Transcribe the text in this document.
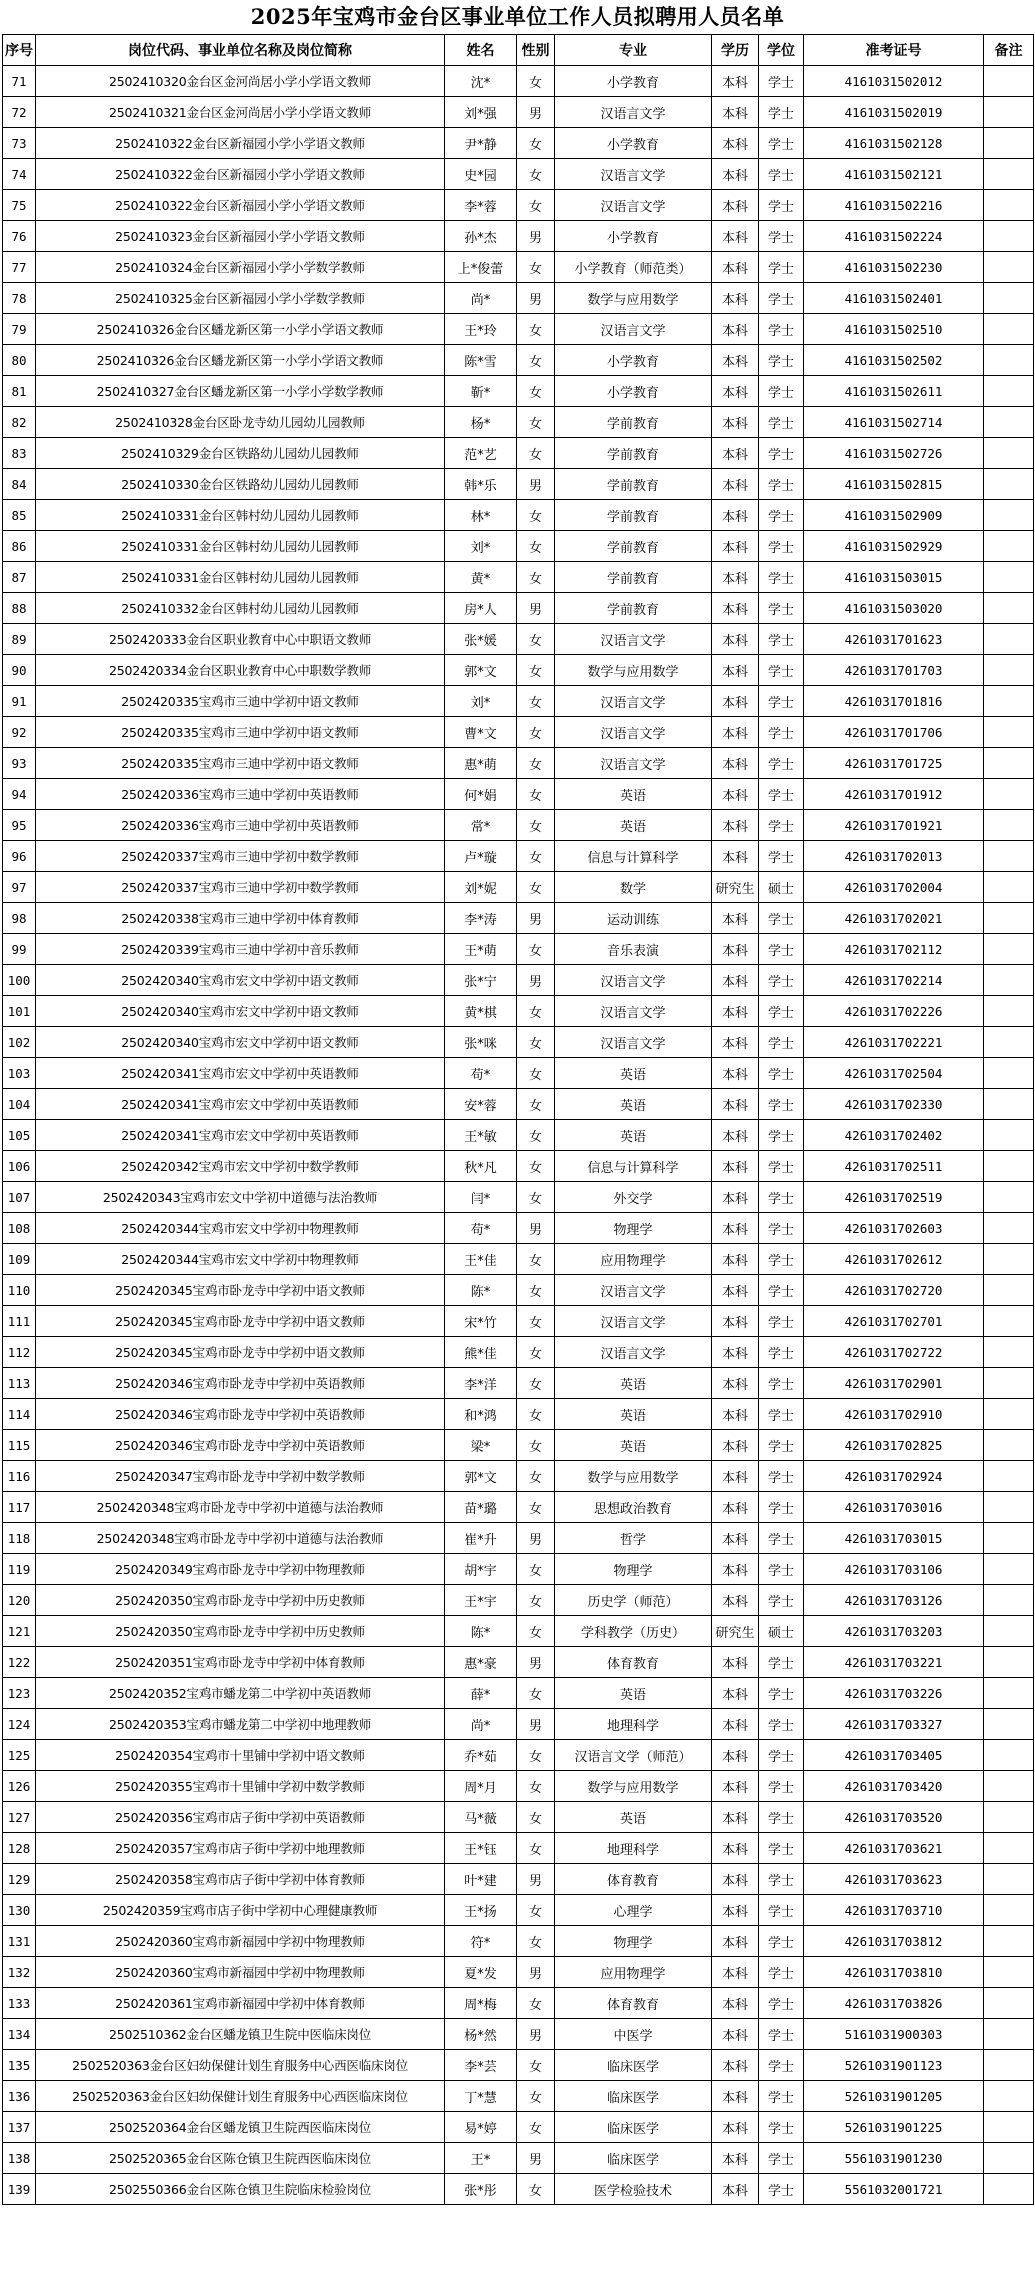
2025年宝鸡市金台区事业单位工作人员拟聘用人员名单
序号	岗位代码、事业单位名称及岗位简称	姓名	性别	专业	学历	学位	准考证号	备注
71	2502410320金台区金河尚居小学小学语文教师	沈*	女	小学教育	本科	学士	4161031502012	
72	2502410321金台区金河尚居小学小学语文教师	刘*强	男	汉语言文学	本科	学士	4161031502019	
73	2502410322金台区新福园小学小学语文教师	尹*静	女	小学教育	本科	学士	4161031502128	
74	2502410322金台区新福园小学小学语文教师	史*园	女	汉语言文学	本科	学士	4161031502121	
75	2502410322金台区新福园小学小学语文教师	李*蓉	女	汉语言文学	本科	学士	4161031502216	
76	2502410323金台区新福园小学小学语文教师	孙*杰	男	小学教育	本科	学士	4161031502224	
77	2502410324金台区新福园小学小学数学教师	上*俊蕾	女	小学教育（师范类）	本科	学士	4161031502230	
78	2502410325金台区新福园小学小学数学教师	尚*	男	数学与应用数学	本科	学士	4161031502401	
79	2502410326金台区蟠龙新区第一小学小学语文教师	王*玲	女	汉语言文学	本科	学士	4161031502510	
80	2502410326金台区蟠龙新区第一小学小学语文教师	陈*雪	女	小学教育	本科	学士	4161031502502	
81	2502410327金台区蟠龙新区第一小学小学数学教师	靳*	女	小学教育	本科	学士	4161031502611	
82	2502410328金台区卧龙寺幼儿园幼儿园教师	杨*	女	学前教育	本科	学士	4161031502714	
83	2502410329金台区铁路幼儿园幼儿园教师	范*艺	女	学前教育	本科	学士	4161031502726	
84	2502410330金台区铁路幼儿园幼儿园教师	韩*乐	男	学前教育	本科	学士	4161031502815	
85	2502410331金台区韩村幼儿园幼儿园教师	林*	女	学前教育	本科	学士	4161031502909	
86	2502410331金台区韩村幼儿园幼儿园教师	刘*	女	学前教育	本科	学士	4161031502929	
87	2502410331金台区韩村幼儿园幼儿园教师	黄*	女	学前教育	本科	学士	4161031503015	
88	2502410332金台区韩村幼儿园幼儿园教师	房*人	男	学前教育	本科	学士	4161031503020	
89	2502420333金台区职业教育中心中职语文教师	张*媛	女	汉语言文学	本科	学士	4261031701623	
90	2502420334金台区职业教育中心中职数学教师	郭*文	女	数学与应用数学	本科	学士	4261031701703	
91	2502420335宝鸡市三迪中学初中语文教师	刘*	女	汉语言文学	本科	学士	4261031701816	
92	2502420335宝鸡市三迪中学初中语文教师	曹*文	女	汉语言文学	本科	学士	4261031701706	
93	2502420335宝鸡市三迪中学初中语文教师	惠*萌	女	汉语言文学	本科	学士	4261031701725	
94	2502420336宝鸡市三迪中学初中英语教师	何*娟	女	英语	本科	学士	4261031701912	
95	2502420336宝鸡市三迪中学初中英语教师	常*	女	英语	本科	学士	4261031701921	
96	2502420337宝鸡市三迪中学初中数学教师	卢*璇	女	信息与计算科学	本科	学士	4261031702013	
97	2502420337宝鸡市三迪中学初中数学教师	刘*妮	女	数学	研究生	硕士	4261031702004	
98	2502420338宝鸡市三迪中学初中体育教师	李*涛	男	运动训练	本科	学士	4261031702021	
99	2502420339宝鸡市三迪中学初中音乐教师	王*萌	女	音乐表演	本科	学士	4261031702112	
100	2502420340宝鸡市宏文中学初中语文教师	张*宁	男	汉语言文学	本科	学士	4261031702214	
101	2502420340宝鸡市宏文中学初中语文教师	黄*棋	女	汉语言文学	本科	学士	4261031702226	
102	2502420340宝鸡市宏文中学初中语文教师	张*咪	女	汉语言文学	本科	学士	4261031702221	
103	2502420341宝鸡市宏文中学初中英语教师	苟*	女	英语	本科	学士	4261031702504	
104	2502420341宝鸡市宏文中学初中英语教师	安*蓉	女	英语	本科	学士	4261031702330	
105	2502420341宝鸡市宏文中学初中英语教师	王*敏	女	英语	本科	学士	4261031702402	
106	2502420342宝鸡市宏文中学初中数学教师	秋*凡	女	信息与计算科学	本科	学士	4261031702511	
107	2502420343宝鸡市宏文中学初中道德与法治教师	闫*	女	外交学	本科	学士	4261031702519	
108	2502420344宝鸡市宏文中学初中物理教师	苟*	男	物理学	本科	学士	4261031702603	
109	2502420344宝鸡市宏文中学初中物理教师	王*佳	女	应用物理学	本科	学士	4261031702612	
110	2502420345宝鸡市卧龙寺中学初中语文教师	陈*	女	汉语言文学	本科	学士	4261031702720	
111	2502420345宝鸡市卧龙寺中学初中语文教师	宋*竹	女	汉语言文学	本科	学士	4261031702701	
112	2502420345宝鸡市卧龙寺中学初中语文教师	熊*佳	女	汉语言文学	本科	学士	4261031702722	
113	2502420346宝鸡市卧龙寺中学初中英语教师	李*洋	女	英语	本科	学士	4261031702901	
114	2502420346宝鸡市卧龙寺中学初中英语教师	和*鸿	女	英语	本科	学士	4261031702910	
115	2502420346宝鸡市卧龙寺中学初中英语教师	梁*	女	英语	本科	学士	4261031702825	
116	2502420347宝鸡市卧龙寺中学初中数学教师	郭*文	女	数学与应用数学	本科	学士	4261031702924	
117	2502420348宝鸡市卧龙寺中学初中道德与法治教师	苗*璐	女	思想政治教育	本科	学士	4261031703016	
118	2502420348宝鸡市卧龙寺中学初中道德与法治教师	崔*升	男	哲学	本科	学士	4261031703015	
119	2502420349宝鸡市卧龙寺中学初中物理教师	胡*宇	女	物理学	本科	学士	4261031703106	
120	2502420350宝鸡市卧龙寺中学初中历史教师	王*宇	女	历史学（师范）	本科	学士	4261031703126	
121	2502420350宝鸡市卧龙寺中学初中历史教师	陈*	女	学科教学（历史）	研究生	硕士	4261031703203	
122	2502420351宝鸡市卧龙寺中学初中体育教师	惠*豪	男	体育教育	本科	学士	4261031703221	
123	2502420352宝鸡市蟠龙第二中学初中英语教师	薛*	女	英语	本科	学士	4261031703226	
124	2502420353宝鸡市蟠龙第二中学初中地理教师	尚*	男	地理科学	本科	学士	4261031703327	
125	2502420354宝鸡市十里铺中学初中语文教师	乔*茹	女	汉语言文学（师范）	本科	学士	4261031703405	
126	2502420355宝鸡市十里铺中学初中数学教师	周*月	女	数学与应用数学	本科	学士	4261031703420	
127	2502420356宝鸡市店子街中学初中英语教师	马*薇	女	英语	本科	学士	4261031703520	
128	2502420357宝鸡市店子街中学初中地理教师	王*钰	女	地理科学	本科	学士	4261031703621	
129	2502420358宝鸡市店子街中学初中体育教师	叶*建	男	体育教育	本科	学士	4261031703623	
130	2502420359宝鸡市店子街中学初中心理健康教师	王*扬	女	心理学	本科	学士	4261031703710	
131	2502420360宝鸡市新福园中学初中物理教师	符*	女	物理学	本科	学士	4261031703812	
132	2502420360宝鸡市新福园中学初中物理教师	夏*发	男	应用物理学	本科	学士	4261031703810	
133	2502420361宝鸡市新福园中学初中体育教师	周*梅	女	体育教育	本科	学士	4261031703826	
134	2502510362金台区蟠龙镇卫生院中医临床岗位	杨*然	男	中医学	本科	学士	5161031900303	
135	2502520363金台区妇幼保健计划生育服务中心西医临床岗位	李*芸	女	临床医学	本科	学士	5261031901123	
136	2502520363金台区妇幼保健计划生育服务中心西医临床岗位	丁*慧	女	临床医学	本科	学士	5261031901205	
137	2502520364金台区蟠龙镇卫生院西医临床岗位	易*婷	女	临床医学	本科	学士	5261031901225	
138	2502520365金台区陈仓镇卫生院西医临床岗位	王*	男	临床医学	本科	学士	5561031901230	
139	2502550366金台区陈仓镇卫生院临床检验岗位	张*彤	女	医学检验技术	本科	学士	5561032001721	
